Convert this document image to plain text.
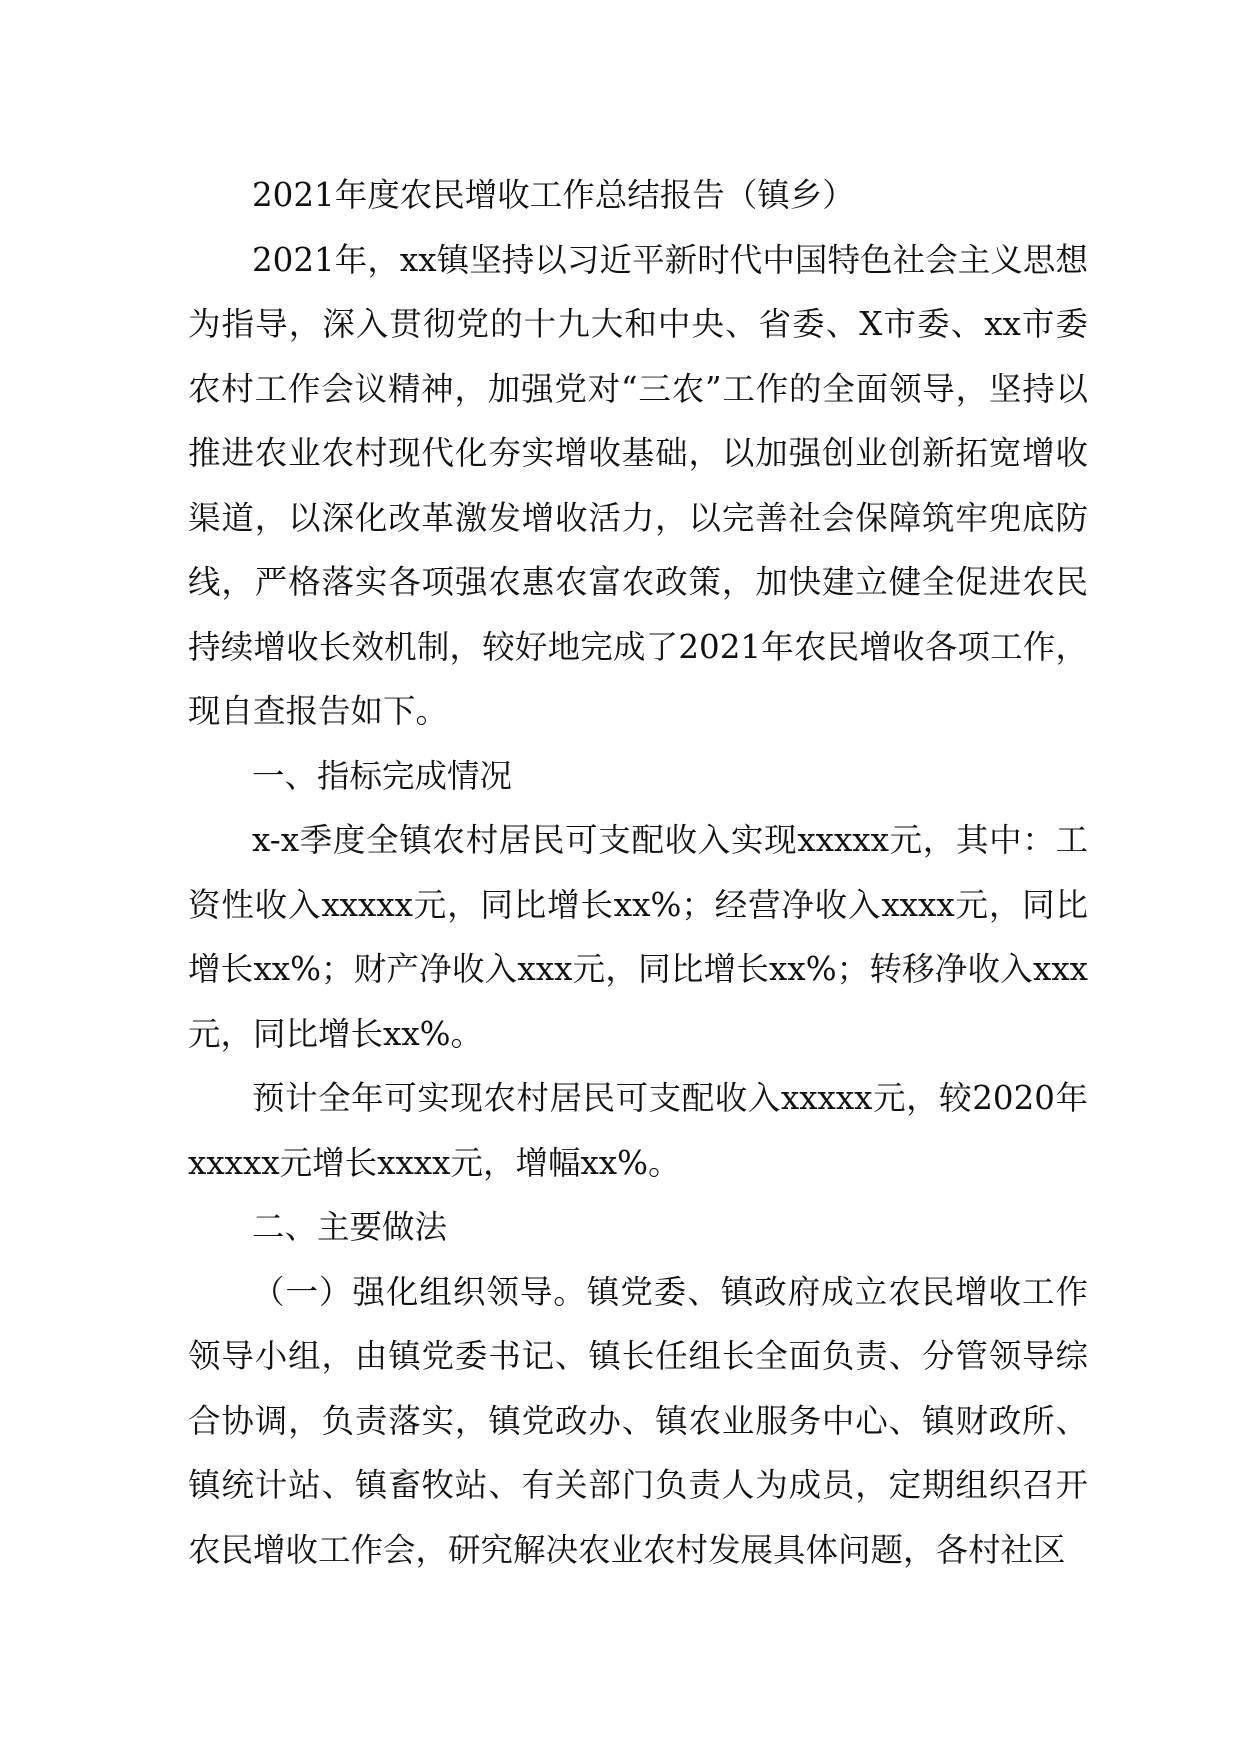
2021年度农民增收工作总结报告（镇乡）

2021年，xx镇坚持以习近平新时代中国特色社会主义思想为指导，深入贯彻党的十九大和中央、省委、X市委、xx市委农村工作会议精神，加强党对“三农”工作的全面领导，坚持以推进农业农村现代化夯实增收基础，以加强创业创新拓宽增收渠道，以深化改革激发增收活力，以完善社会保障筑牢兜底防线，严格落实各项强农惠农富农政策，加快建立健全促进农民持续增收长效机制，较好地完成了2021年农民增收各项工作，现自查报告如下。

一、指标完成情况

x-x季度全镇农村居民可支配收入实现xxxxx元，其中：工资性收入xxxxx元，同比增长xx%；经营净收入xxxx元，同比增长xx%；财产净收入xxx元，同比增长xx%；转移净收入xxx元，同比增长xx%。

预计全年可实现农村居民可支配收入xxxxx元，较2020年xxxxx元增长xxxx元，增幅xx%。

二、主要做法

（一）强化组织领导。镇党委、镇政府成立农民增收工作领导小组，由镇党委书记、镇长任组长全面负责、分管领导综合协调，负责落实，镇党政办、镇农业服务中心、镇财政所、镇统计站、镇畜牧站、有关部门负责人为成员，定期组织召开农民增收工作会，研究解决农业农村发展具体问题，各村社区
